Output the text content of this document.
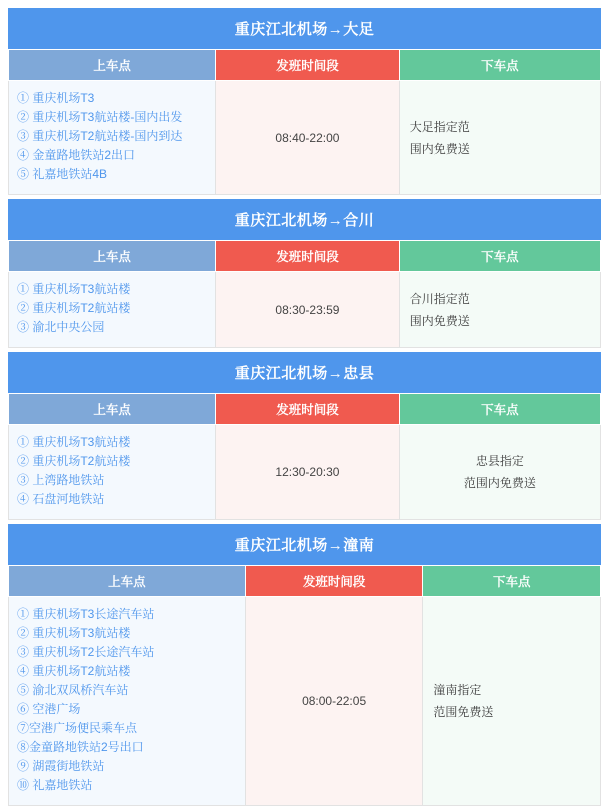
重庆江北机场→大足
上车点	发班时间段	下车点

① 重庆机场T3
② 重庆机场T3航站楼-国内出发
③ 重庆机场T2航站楼-国内到达
④ 金童路地铁站2出口
⑤ 礼嘉地铁站4B
	08:40-22:00	
大足指定范
围内免费送
重庆江北机场→合川
上车点	发班时间段	下车点

① 重庆机场T3航站楼
② 重庆机场T2航站楼
③ 渝北中央公园
	08:30-23:59	
合川指定范
围内免费送
重庆江北机场→忠县
上车点	发班时间段	下车点

① 重庆机场T3航站楼
② 重庆机场T2航站楼
③ 上湾路地铁站
④ 石盘河地铁站
	12:30-20:30	
忠县指定
范围内免费送
重庆江北机场→潼南
上车点	发班时间段	下车点

① 重庆机场T3长途汽车站
② 重庆机场T3航站楼
③ 重庆机场T2长途汽车站
④ 重庆机场T2航站楼
⑤ 渝北双凤桥汽车站
⑥ 空港广场
⑦空港广场便民乘车点
⑧金童路地铁站2号出口
⑨ 湖霞街地铁站
⑩ 礼嘉地铁站
	08:00-22:05	
潼南指定
范围免费送
